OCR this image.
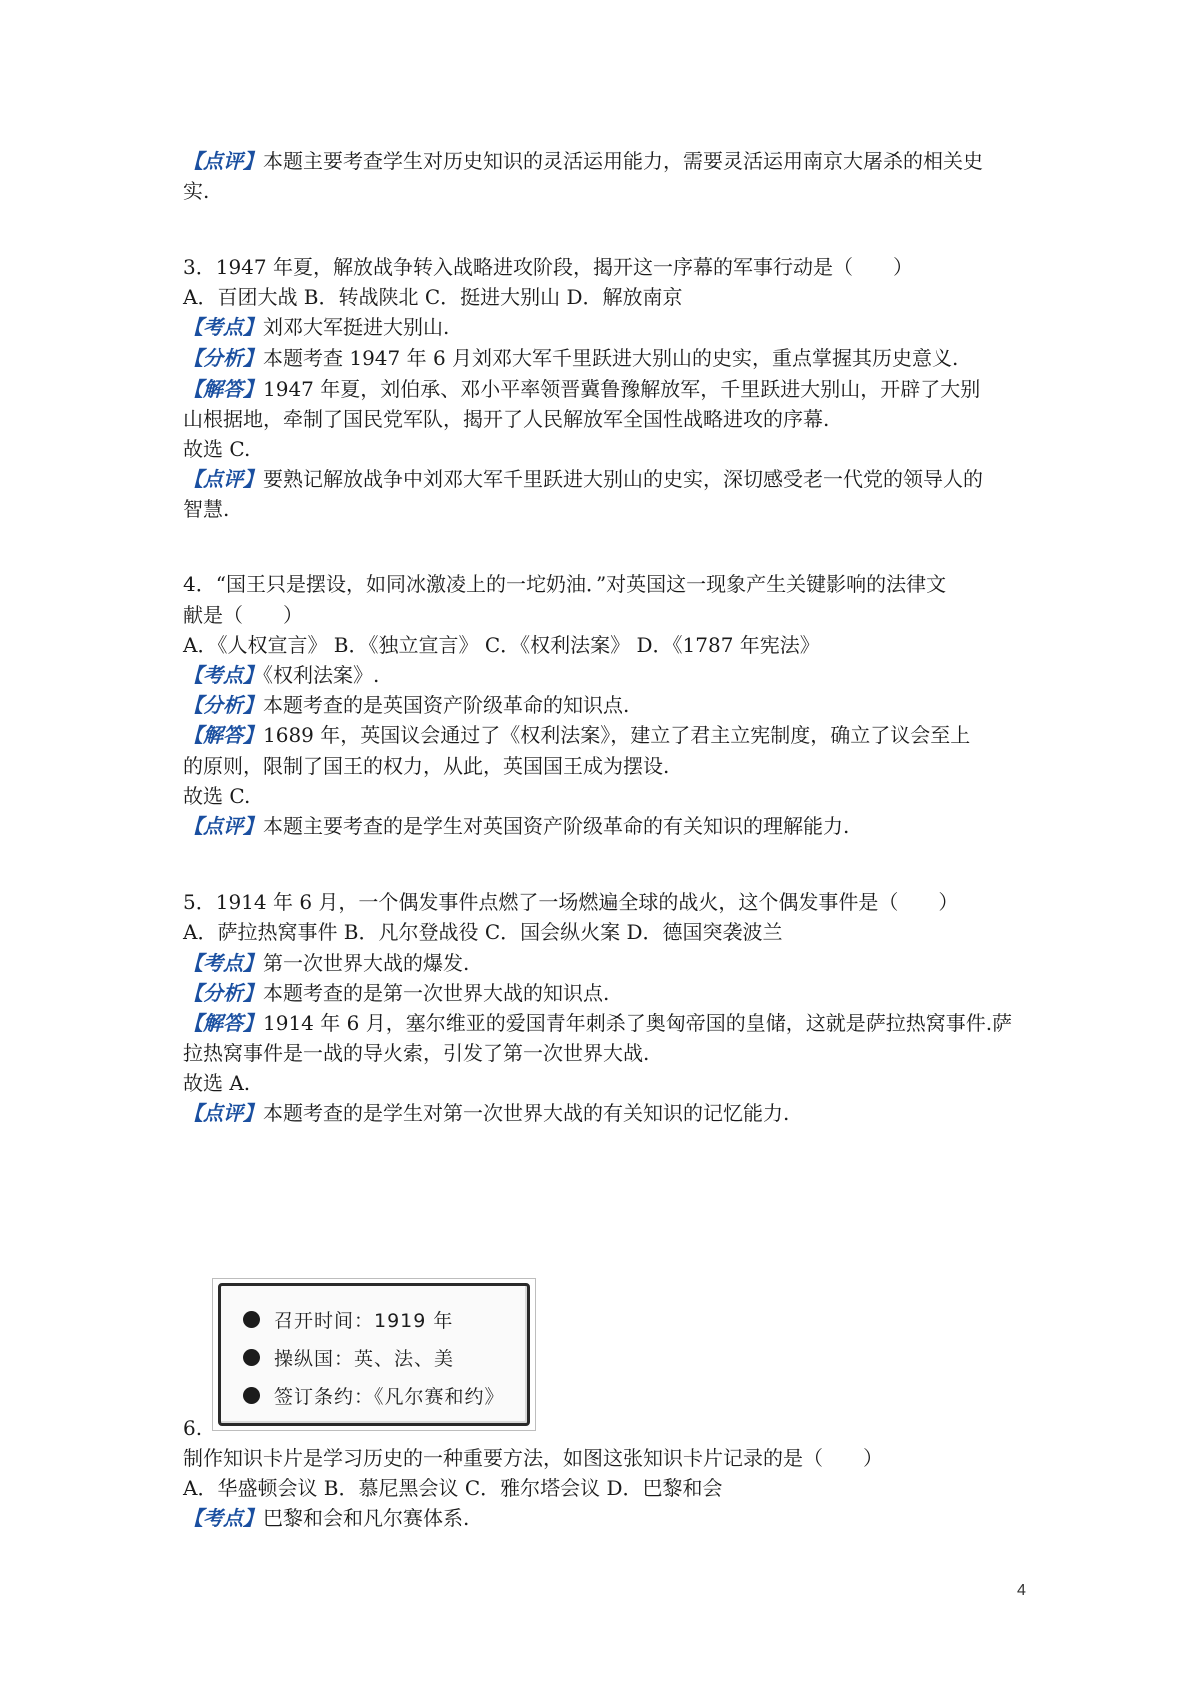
【点评】本题主要考查学生对历史知识的灵活运用能力，需要灵活运用南京大屠杀的相关史
实.
3．1947 年夏，解放战争转入战略进攻阶段，揭开这一序幕的军事行动是（　　）
A．百团大战 B．转战陕北 C．挺进大别山 D．解放南京
【考点】刘邓大军挺进大别山.
【分析】本题考查 1947 年 6 月刘邓大军千里跃进大别山的史实，重点掌握其历史意义.
【解答】1947 年夏，刘伯承、邓小平率领晋冀鲁豫解放军，千里跃进大别山，开辟了大别
山根据地，牵制了国民党军队，揭开了人民解放军全国性战略进攻的序幕.
故选 C.
【点评】要熟记解放战争中刘邓大军千里跃进大别山的史实，深切感受老一代党的领导人的
智慧.
4．“国王只是摆设，如同冰激凌上的一坨奶油．”对英国这一现象产生关键影响的法律文
献是（　　）
A．《人权宣言》 B．《独立宣言》 C．《权利法案》 D．《1787 年宪法》
【考点】《权利法案》.
【分析】本题考查的是英国资产阶级革命的知识点.
【解答】1689 年，英国议会通过了《权利法案》，建立了君主立宪制度，确立了议会至上
的原则，限制了国王的权力，从此，英国国王成为摆设.
故选 C.
【点评】本题主要考查的是学生对英国资产阶级革命的有关知识的理解能力.
5．1914 年 6 月，一个偶发事件点燃了一场燃遍全球的战火，这个偶发事件是（　　）
A．萨拉热窝事件 B．凡尔登战役 C．国会纵火案 D．德国突袭波兰
【考点】第一次世界大战的爆发.
【分析】本题考查的是第一次世界大战的知识点.
【解答】1914 年 6 月，塞尔维亚的爱国青年刺杀了奥匈帝国的皇储，这就是萨拉热窝事件.萨
拉热窝事件是一战的导火索，引发了第一次世界大战.
故选 A.
【点评】本题考查的是学生对第一次世界大战的有关知识的记忆能力.
召开时间：1919 年
操纵国：英、法、美
签订条约：《凡尔赛和约》
6.
制作知识卡片是学习历史的一种重要方法，如图这张知识卡片记录的是（　　）
A．华盛顿会议 B．慕尼黑会议 C．雅尔塔会议 D．巴黎和会
【考点】巴黎和会和凡尔赛体系.
4
